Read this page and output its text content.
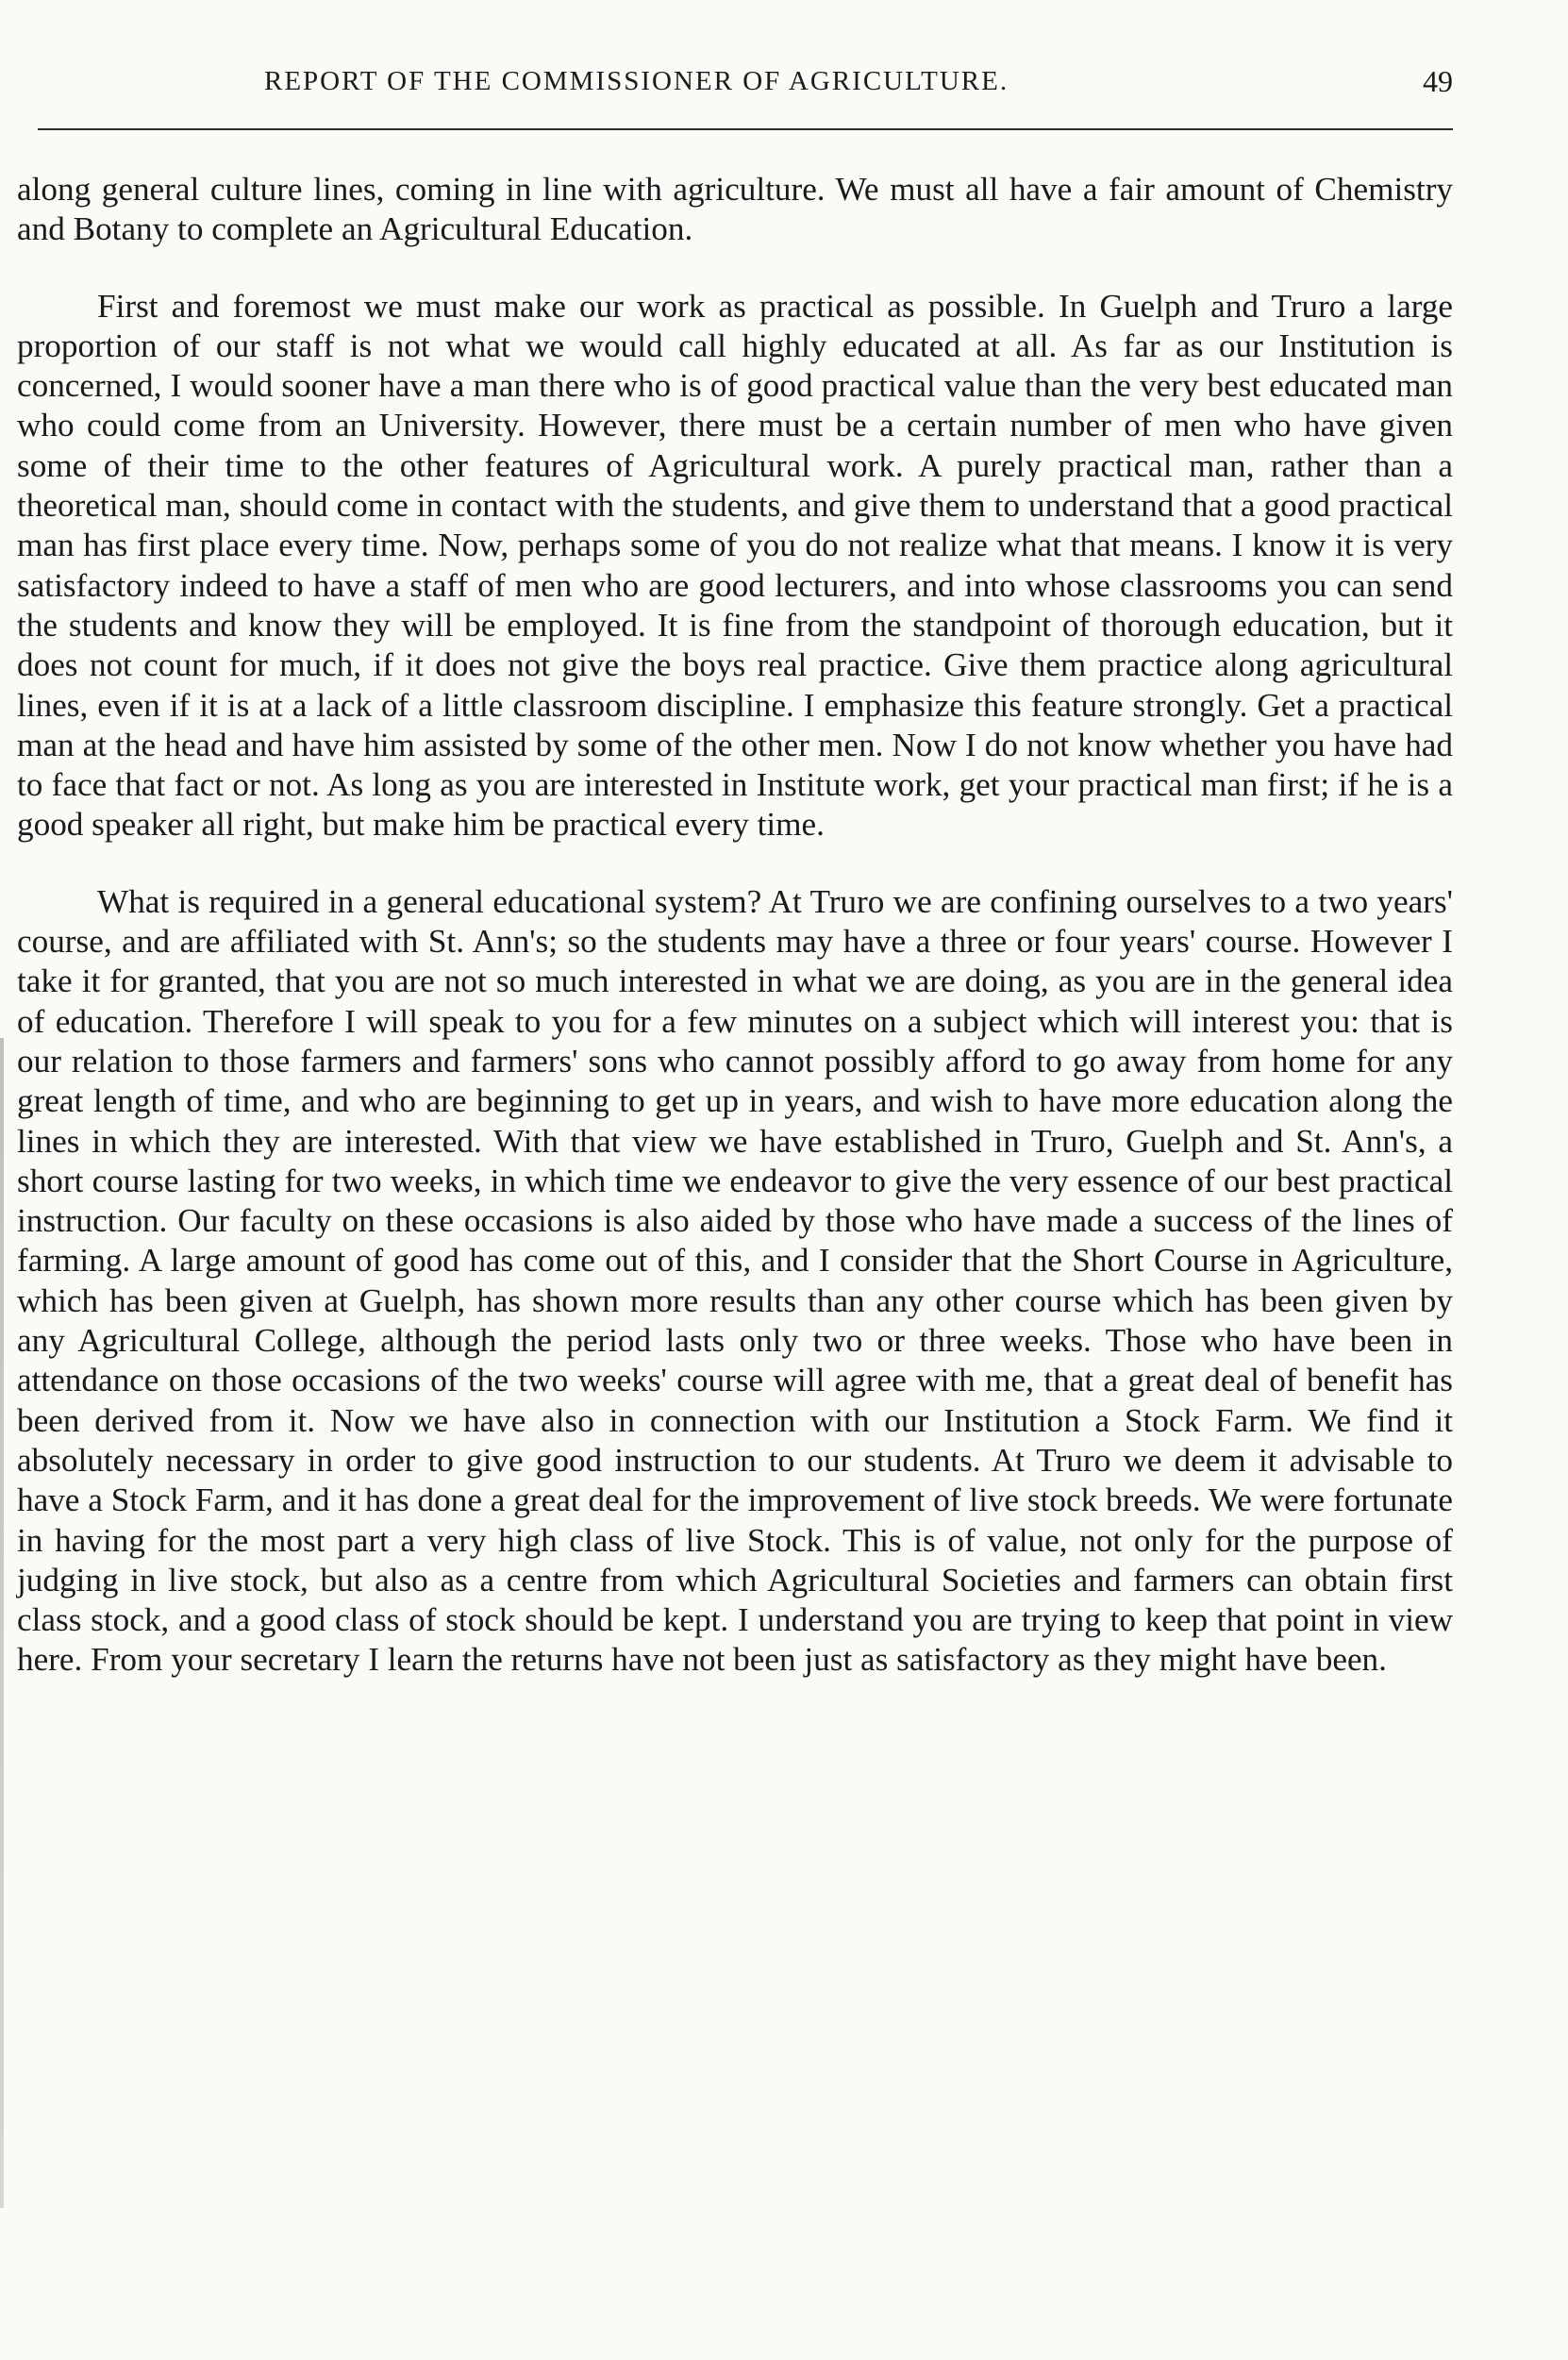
REPORT OF THE COMMISSIONER OF AGRICULTURE.	49

along general culture lines, coming in line with agriculture. We must all have a fair amount of Chemistry and Botany to complete an Agricultural Education.

First and foremost we must make our work as practical as possible. In Guelph and Truro a large proportion of our staff is not what we would call highly educated at all. As far as our Institution is concerned, I would sooner have a man there who is of good practical value than the very best educated man who could come from an University. However, there must be a certain number of men who have given some of their time to the other features of Agricultural work. A purely practical man, rather than a theoretical man, should come in contact with the students, and give them to understand that a good practical man has first place every time. Now, perhaps some of you do not realize what that means. I know it is very satisfactory indeed to have a staff of men who are good lecturers, and into whose classrooms you can send the students and know they will be employed. It is fine from the standpoint of thorough education, but it does not count for much, if it does not give the boys real practice. Give them practice along agricultural lines, even if it is at a lack of a little classroom discipline. I emphasize this feature strongly. Get a practical man at the head and have him assisted by some of the other men. Now I do not know whether you have had to face that fact or not. As long as you are interested in Institute work, get your practical man first; if he is a good speaker all right, but make him be practical every time.

What is required in a general educational system? At Truro we are confining ourselves to a two years' course, and are affiliated with St. Ann's; so the students may have a three or four years' course. However I take it for granted, that you are not so much interested in what we are doing, as you are in the general idea of education. Therefore I will speak to you for a few minutes on a subject which will interest you: that is our relation to those farmers and farmers' sons who cannot possibly afford to go away from home for any great length of time, and who are beginning to get up in years, and wish to have more education along the lines in which they are interested. With that view we have established in Truro, Guelph and St. Ann's, a short course lasting for two weeks, in which time we endeavor to give the very essence of our best practical instruction. Our faculty on these occasions is also aided by those who have made a success of the lines of farming. A large amount of good has come out of this, and I consider that the Short Course in Agriculture, which has been given at Guelph, has shown more results than any other course which has been given by any Agricultural College, although the period lasts only two or three weeks. Those who have been in attendance on those occasions of the two weeks' course will agree with me, that a great deal of benefit has been derived from it. Now we have also in connection with our Institution a Stock Farm. We find it absolutely necessary in order to give good instruction to our students. At Truro we deem it advisable to have a Stock Farm, and it has done a great deal for the improvement of live stock breeds. We were fortunate in having for the most part a very high class of live Stock. This is of value, not only for the purpose of judging in live stock, but also as a centre from which Agricultural Societies and farmers can obtain first class stock, and a good class of stock should be kept. I understand you are trying to keep that point in view here. From your secretary I learn the returns have not been just as satisfactory as they might have been.
